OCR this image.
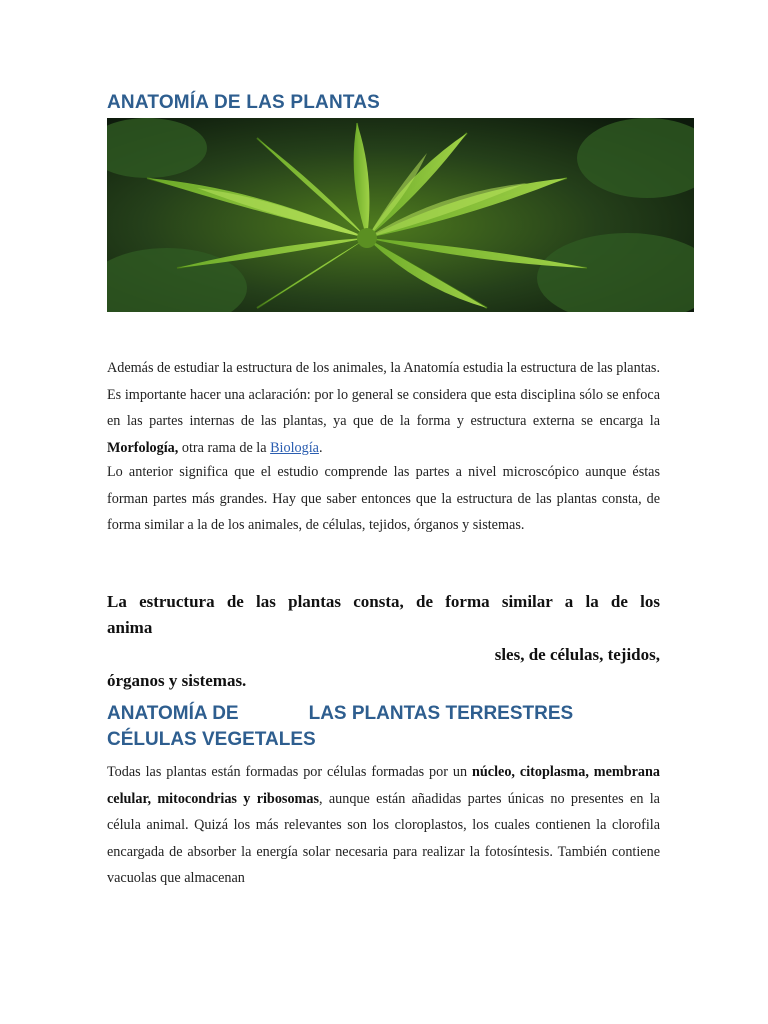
ANATOMÍA DE LAS PLANTAS

Además de estudiar la estructura de los animales, la Anatomía estudia la estructura de las plantas. Es importante hacer una aclaración: por lo general se considera que esta disciplina sólo se enfoca en las partes internas de las plantas, ya que de la forma y estructura externa se encarga la Morfología, otra rama de la Biología.

Lo anterior significa que el estudio comprende las partes a nivel microscópico aunque éstas forman partes más grandes. Hay que saber entonces que la estructura de las plantas consta, de forma similar a la de los animales, de células, tejidos, órganos y sistemas.

La estructura de las plantas consta, de forma similar a la de los

anima

sles, de células, tejidos,

órganos y sistemas.

ANATOMÍA DE	LAS PLANTAS TERRESTRES
CÉLULAS VEGETALES

Todas las plantas están formadas por células formadas por un núcleo, citoplasma, membrana celular, mitocondrias y ribosomas, aunque están añadidas partes únicas no presentes en la célula animal. Quizá los más relevantes son los cloroplastos, los cuales contienen la clorofila encargada de absorber la energía solar necesaria para realizar la fotosíntesis. También contiene vacuolas que almacenan
